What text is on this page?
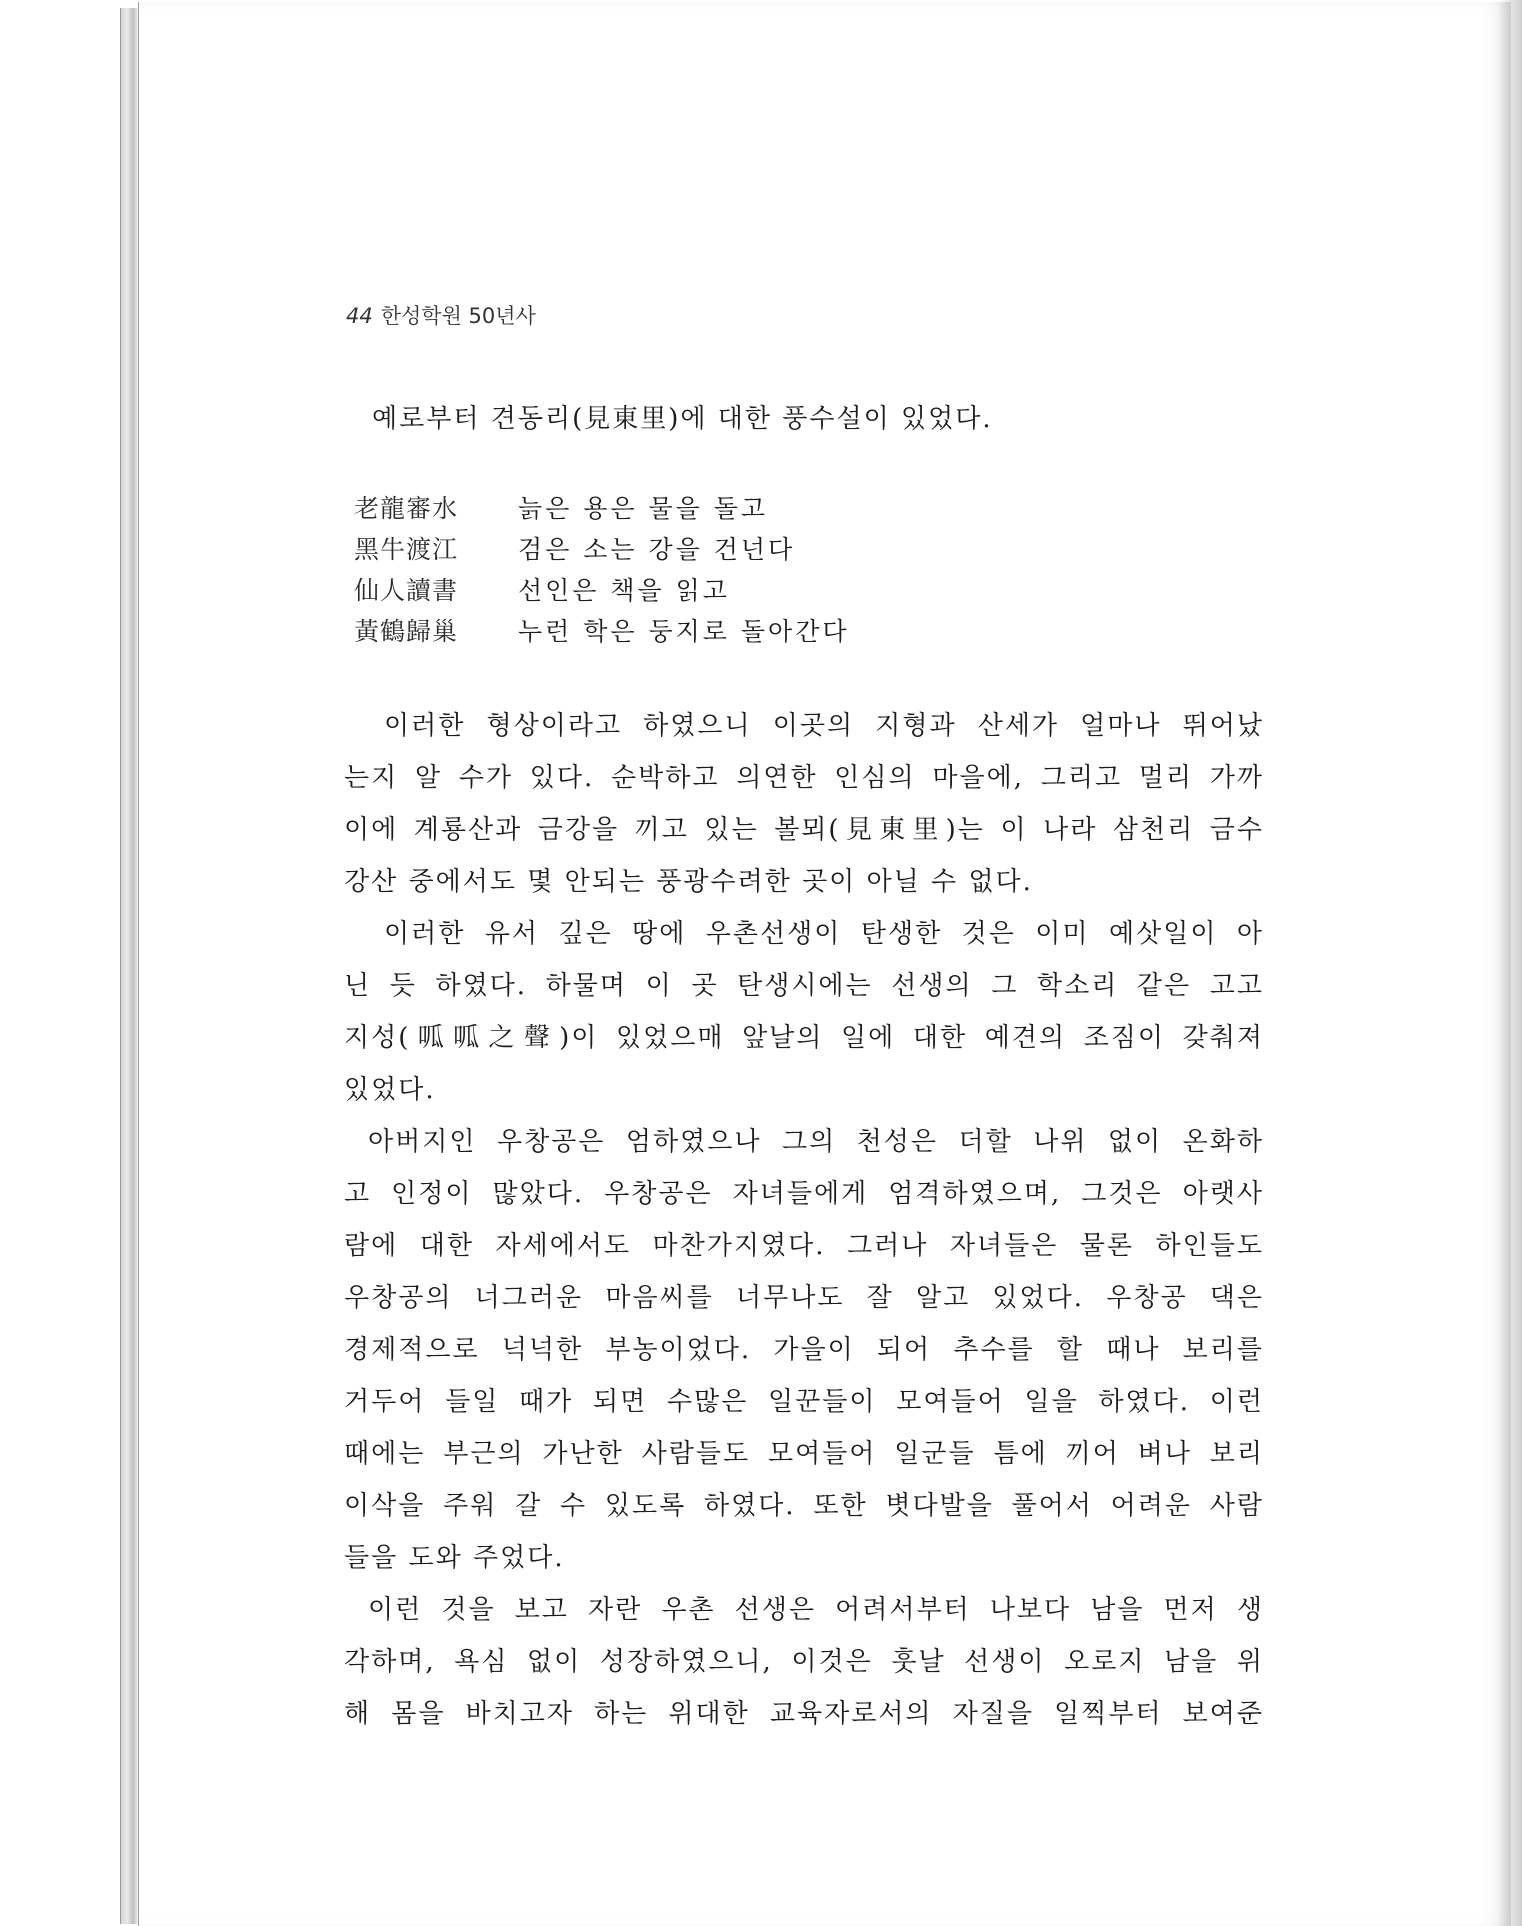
44 한성학원 50년사
예로부터 견동리(見東里)에 대한 풍수설이 있었다.
老龍審水	늙은 용은 물을 돌고
黑牛渡江	검은 소는 강을 건넌다
仙人讀書	선인은 책을 읽고
黃鶴歸巢	누런 학은 둥지로 돌아간다
이러한 형상이라고 하였으니 이곳의 지형과 산세가 얼마나 뛰어났
는지 알 수가 있다. 순박하고 의연한 인심의 마을에, 그리고 멀리 가까
이에 계룡산과 금강을 끼고 있는 볼뫼(見東里)는 이 나라 삼천리 금수
강산 중에서도 몇 안되는 풍광수려한 곳이 아닐 수 없다.
이러한 유서 깊은 땅에 우촌선생이 탄생한 것은 이미 예삿일이 아
닌 듯 하였다. 하물며 이 곳 탄생시에는 선생의 그 학소리 같은 고고
지성(呱呱之聲)이 있었으매 앞날의 일에 대한 예견의 조짐이 갖춰져
있었다.
아버지인 우창공은 엄하였으나 그의 천성은 더할 나위 없이 온화하
고 인정이 많았다. 우창공은 자녀들에게 엄격하였으며, 그것은 아랫사
람에 대한 자세에서도 마찬가지였다. 그러나 자녀들은 물론 하인들도
우창공의 너그러운 마음씨를 너무나도 잘 알고 있었다. 우창공 댁은
경제적으로 넉넉한 부농이었다. 가을이 되어 추수를 할 때나 보리를
거두어 들일 때가 되면 수많은 일꾼들이 모여들어 일을 하였다. 이런
때에는 부근의 가난한 사람들도 모여들어 일군들 틈에 끼어 벼나 보리
이삭을 주워 갈 수 있도록 하였다. 또한 볏다발을 풀어서 어려운 사람
들을 도와 주었다.
이런 것을 보고 자란 우촌 선생은 어려서부터 나보다 남을 먼저 생
각하며, 욕심 없이 성장하였으니, 이것은 훗날 선생이 오로지 남을 위
해 몸을 바치고자 하는 위대한 교육자로서의 자질을 일찍부터 보여준
